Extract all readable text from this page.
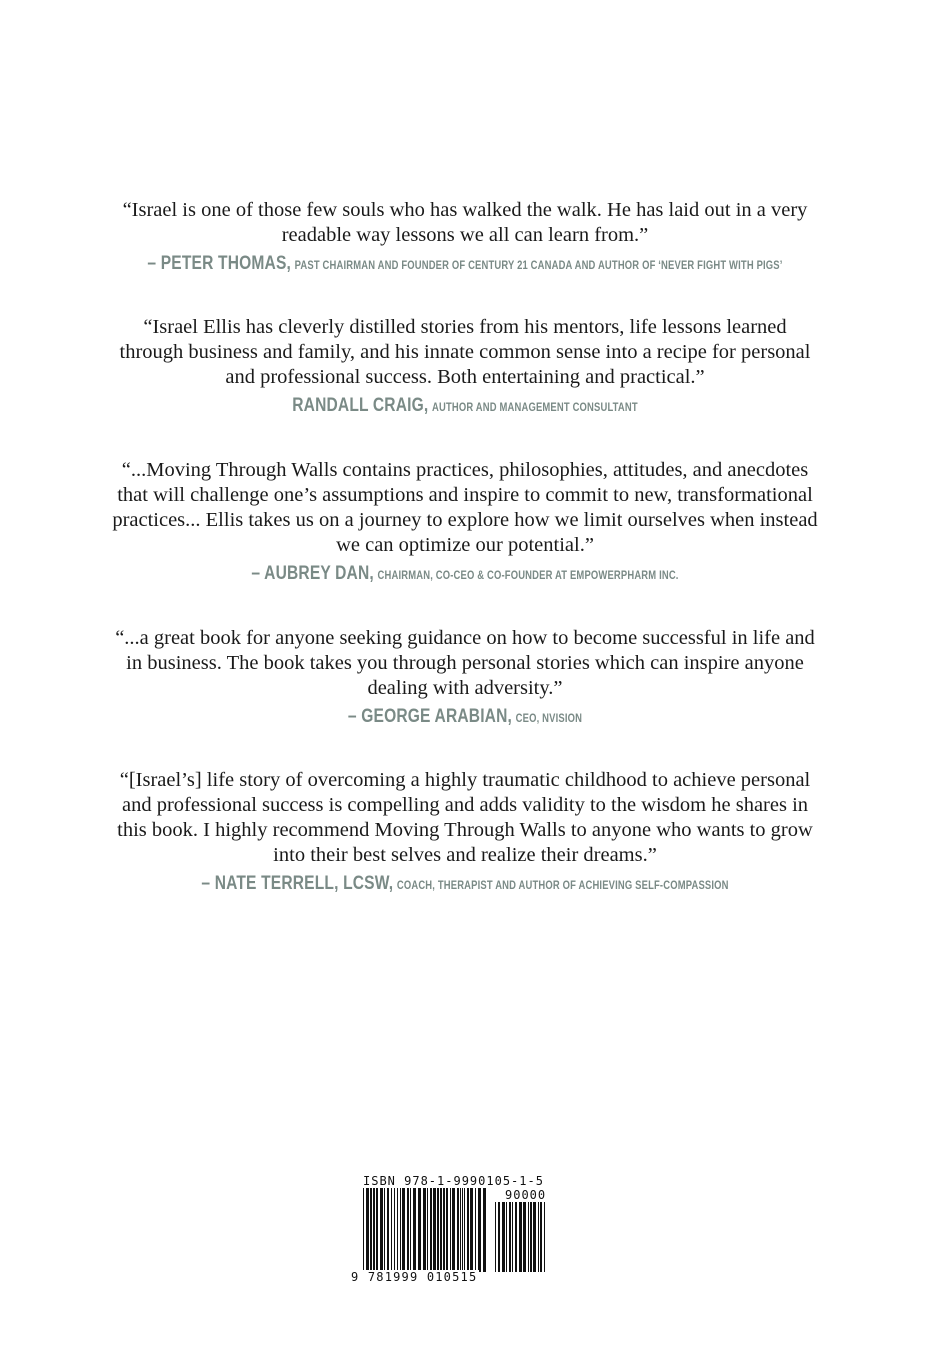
“Israel is one of those few souls who has walked the walk. He has laid out in a very
readable way lessons we all can learn from.”
– PETER THOMAS, PAST CHAIRMAN AND FOUNDER OF CENTURY 21 CANADA AND AUTHOR OF ‘NEVER FIGHT WITH PIGS’
“Israel Ellis has cleverly distilled stories from his mentors, life lessons learned
through business and family, and his innate common sense into a recipe for personal
and professional success. Both entertaining and practical.”
RANDALL CRAIG, AUTHOR AND MANAGEMENT CONSULTANT
“...Moving Through Walls contains practices, philosophies, attitudes, and anecdotes
that will challenge one’s assumptions and inspire to commit to new, transformational
practices... Ellis takes us on a journey to explore how we limit ourselves when instead
we can optimize our potential.”
– AUBREY DAN, CHAIRMAN, CO-CEO & CO-FOUNDER AT EMPOWERPHARM INC.
“...a great book for anyone seeking guidance on how to become successful in life and
in business. The book takes you through personal stories which can inspire anyone
dealing with adversity.”
– GEORGE ARABIAN, CEO, NVISION
“[Israel’s] life story of overcoming a highly traumatic childhood to achieve personal
and professional success is compelling and adds validity to the wisdom he shares in
this book. I highly recommend Moving Through Walls to anyone who wants to grow
into their best selves and realize their dreams.”
– NATE TERRELL, LCSW, COACH, THERAPIST AND AUTHOR OF ACHIEVING SELF-COMPASSION
ISBN 978-1-9990105-1-5
90000
9 781999 010515
